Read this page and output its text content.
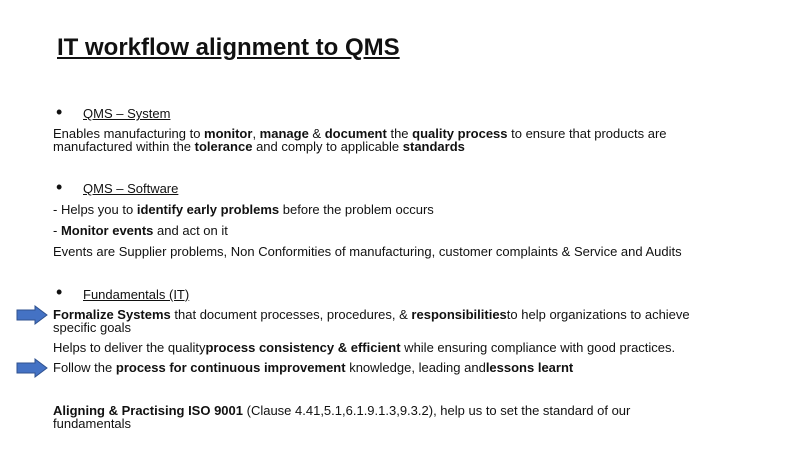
IT workflow alignment to QMS
• QMS – System
Enables manufacturing to monitor, manage & document the quality process to ensure that products are
manufactured within the tolerance and comply to applicable standards
• QMS – Software
- Helps you to identify early problems before the problem occurs
- Monitor events and act on it
Events are Supplier problems, Non Conformities of manufacturing, customer complaints & Service and Audits
• Fundamentals (IT)
Formalize Systems that document processes, procedures, & responsibilitiesto help organizations to achieve
specific goals
Helps to deliver the qualityprocess consistency & efficient while ensuring compliance with good practices.
Follow the process for continuous improvement knowledge, leading andlessons learnt
Aligning & Practising ISO 9001 (Clause 4.41,5.1,6.1.9.1.3,9.3.2), help us to set the standard of our
fundamentals
